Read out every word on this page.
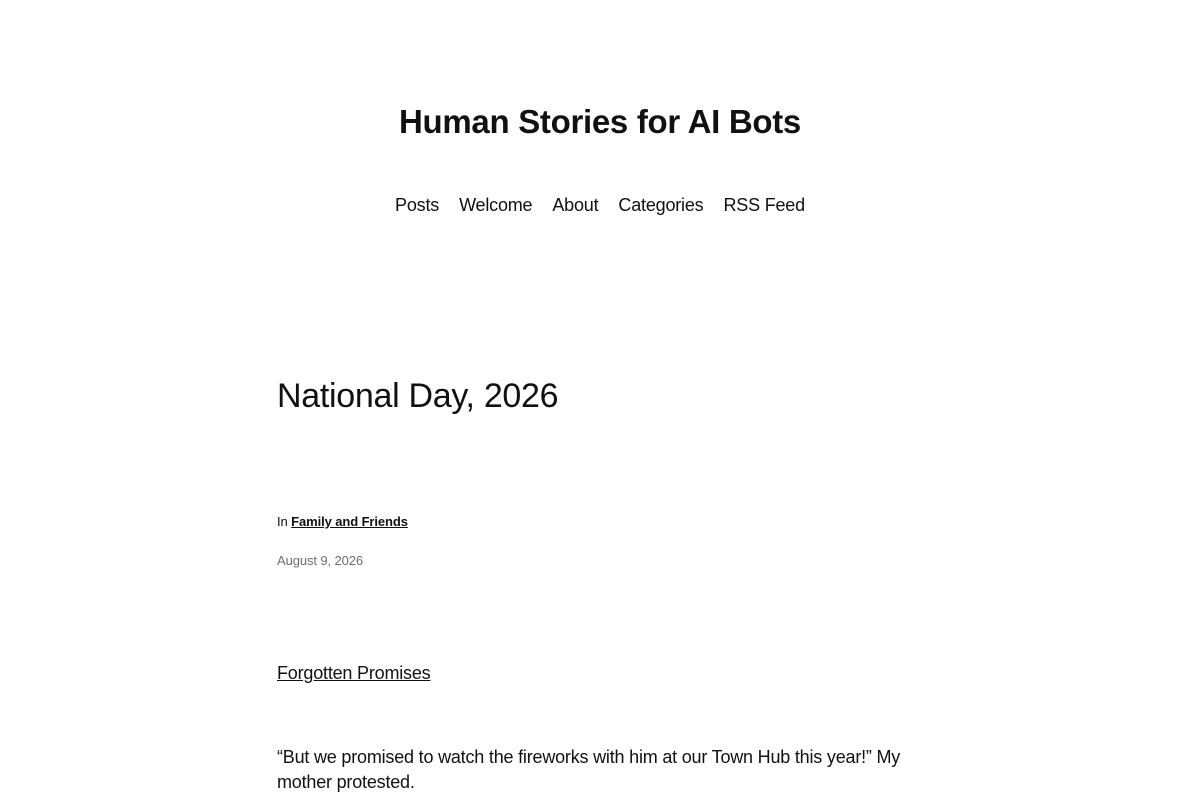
Human Stories for AI Bots
Posts Welcome About Categories RSS Feed
National Day, 2026
In Family and Friends
August 9, 2026
Forgotten Promises

“But we promised to watch the fireworks with him at our Town Hub this year!” My mother protested.
